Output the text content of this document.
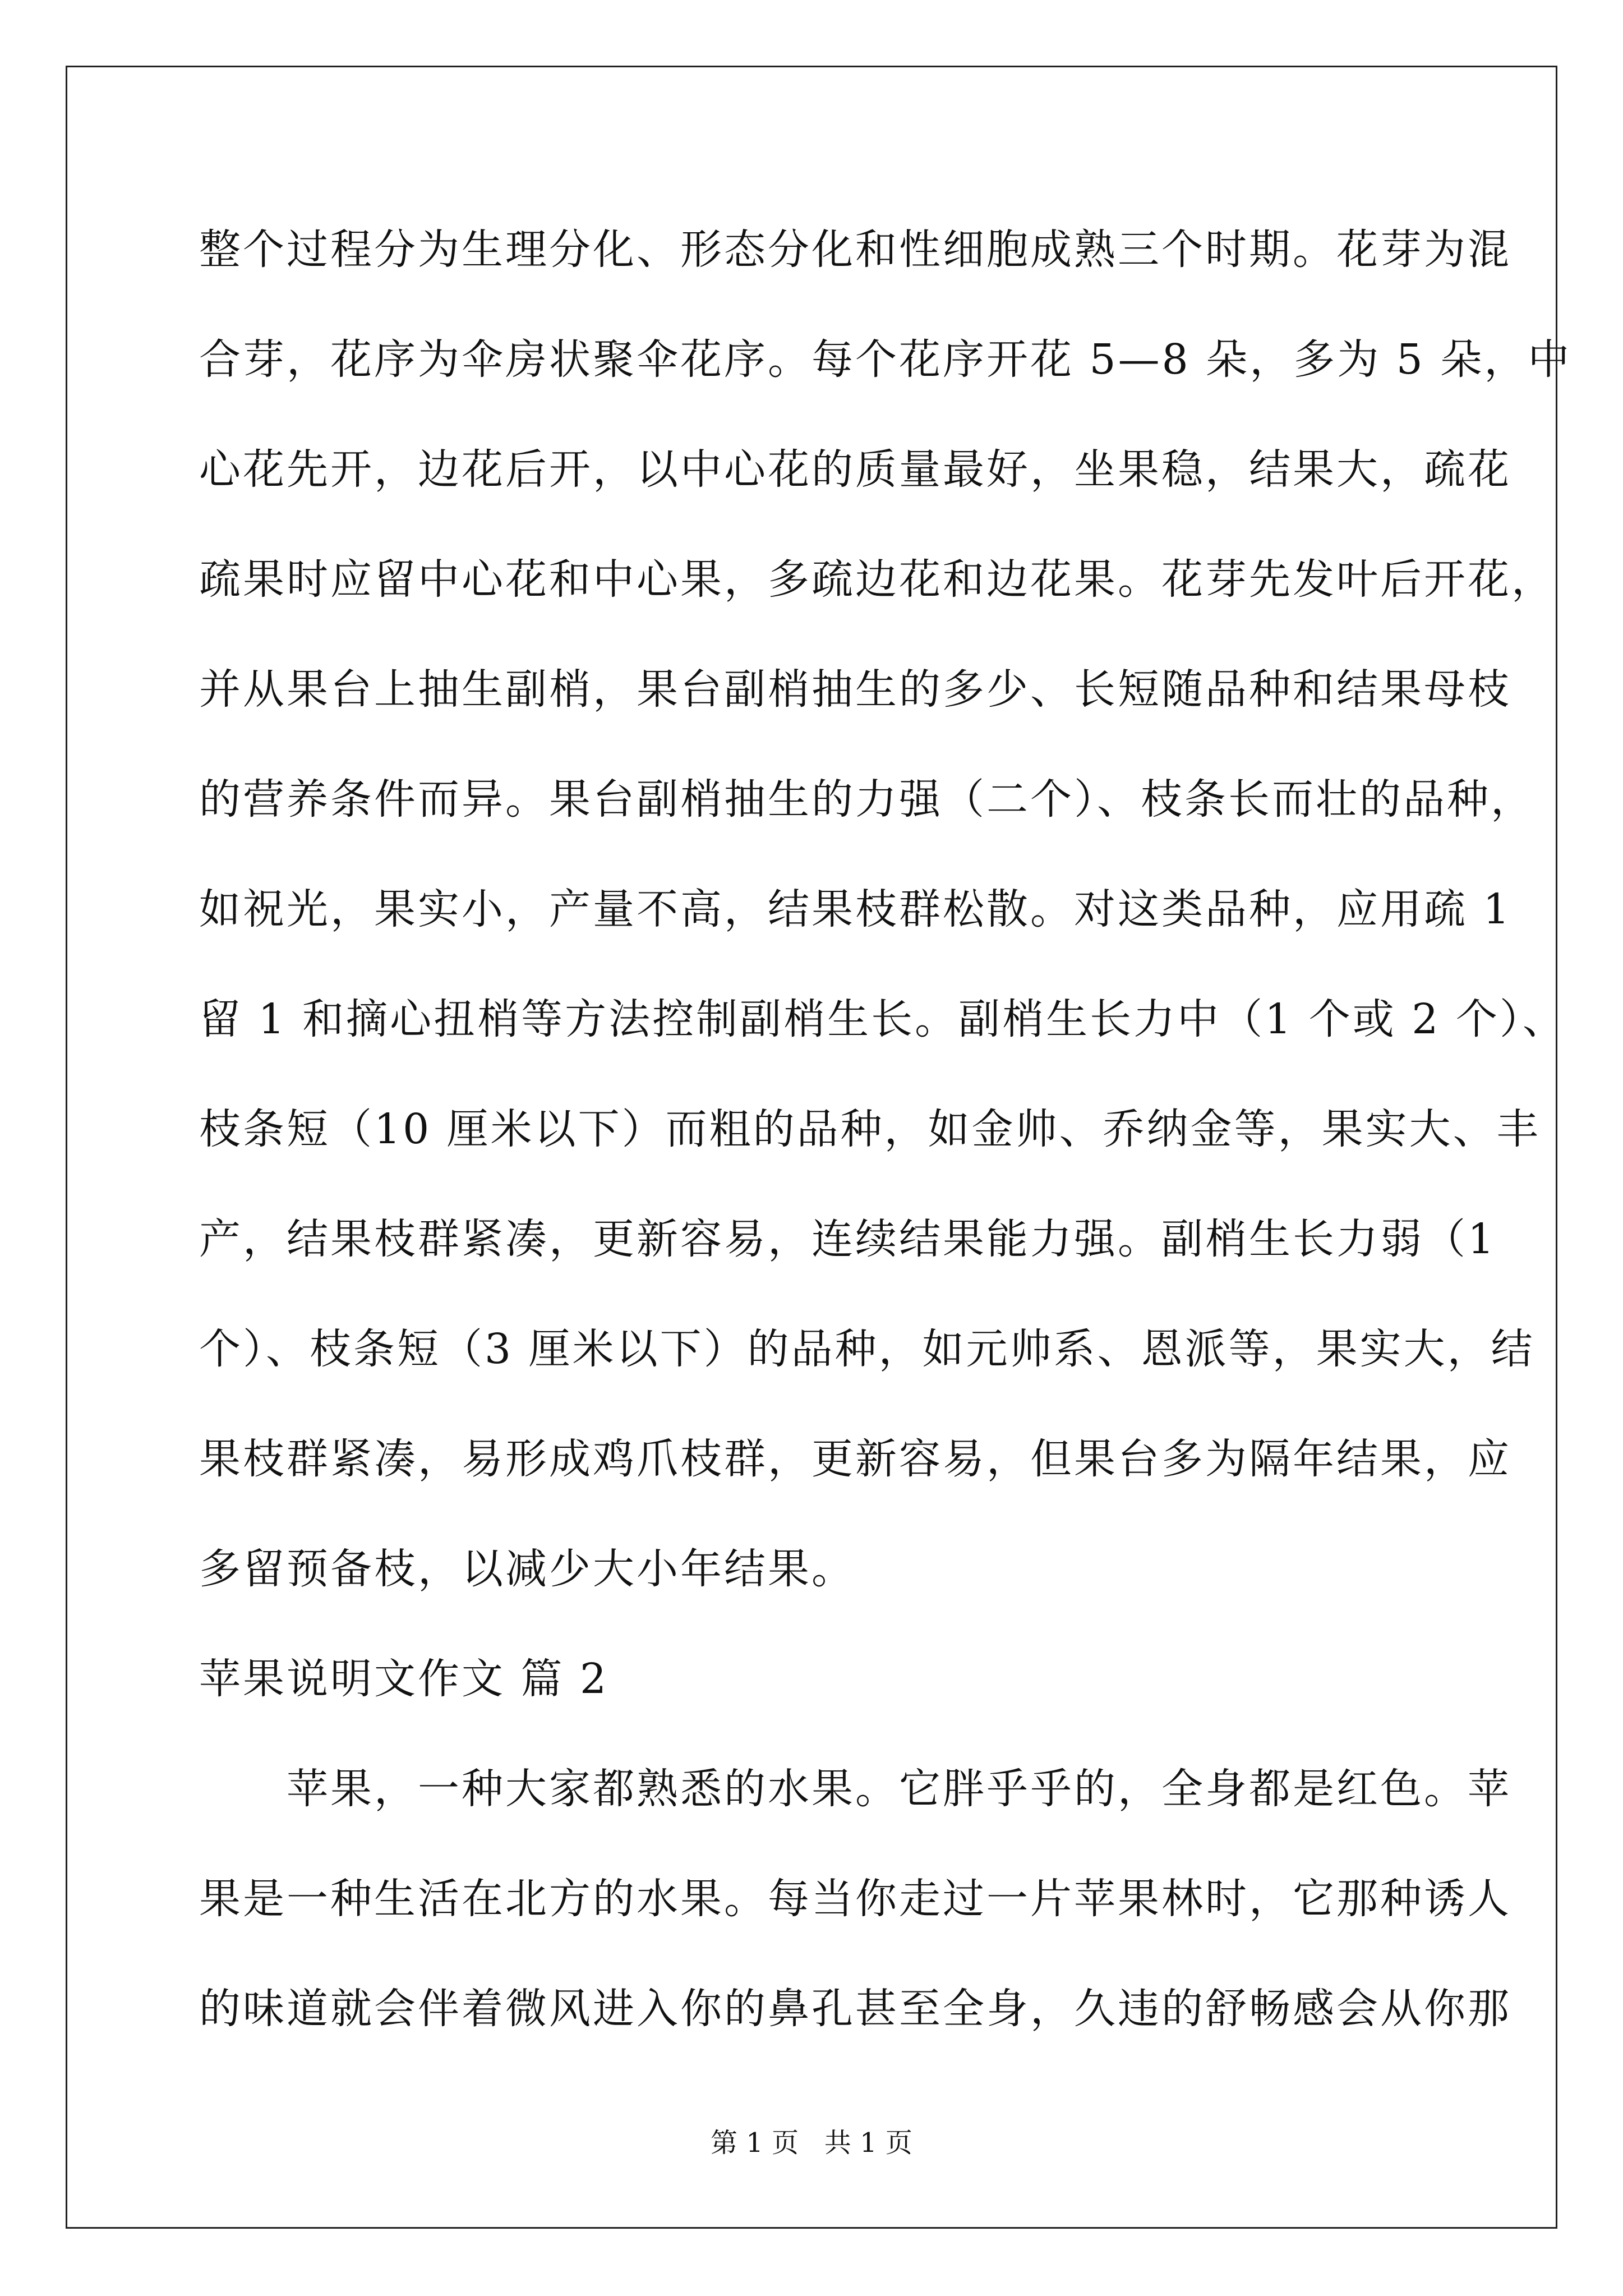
整个过程分为生理分化、形态分化和性细胞成熟三个时期。花芽为混
合芽，花序为伞房状聚伞花序。每个花序开花 5—8 朵，多为 5 朵，中
心花先开，边花后开，以中心花的质量最好，坐果稳，结果大，疏花
疏果时应留中心花和中心果，多疏边花和边花果。花芽先发叶后开花，
并从果台上抽生副梢，果台副梢抽生的多少、长短随品种和结果母枝
的营养条件而异。果台副梢抽生的力强（二个）、枝条长而壮的品种，
如祝光，果实小，产量不高，结果枝群松散。对这类品种，应用疏 1
留 1 和摘心扭梢等方法控制副梢生长。副梢生长力中（1 个或 2 个）、
枝条短（10 厘米以下）而粗的品种，如金帅、乔纳金等，果实大、丰
产，结果枝群紧凑，更新容易，连续结果能力强。副梢生长力弱（1
个）、枝条短（3 厘米以下）的品种，如元帅系、恩派等，果实大，结
果枝群紧凑，易形成鸡爪枝群，更新容易，但果台多为隔年结果，应
多留预备枝，以减少大小年结果。
苹果说明文作文 篇 2
　　苹果，一种大家都熟悉的水果。它胖乎乎的，全身都是红色。苹
果是一种生活在北方的水果。每当你走过一片苹果林时，它那种诱人
的味道就会伴着微风进入你的鼻孔甚至全身，久违的舒畅感会从你那
第 1 页   共 1 页
